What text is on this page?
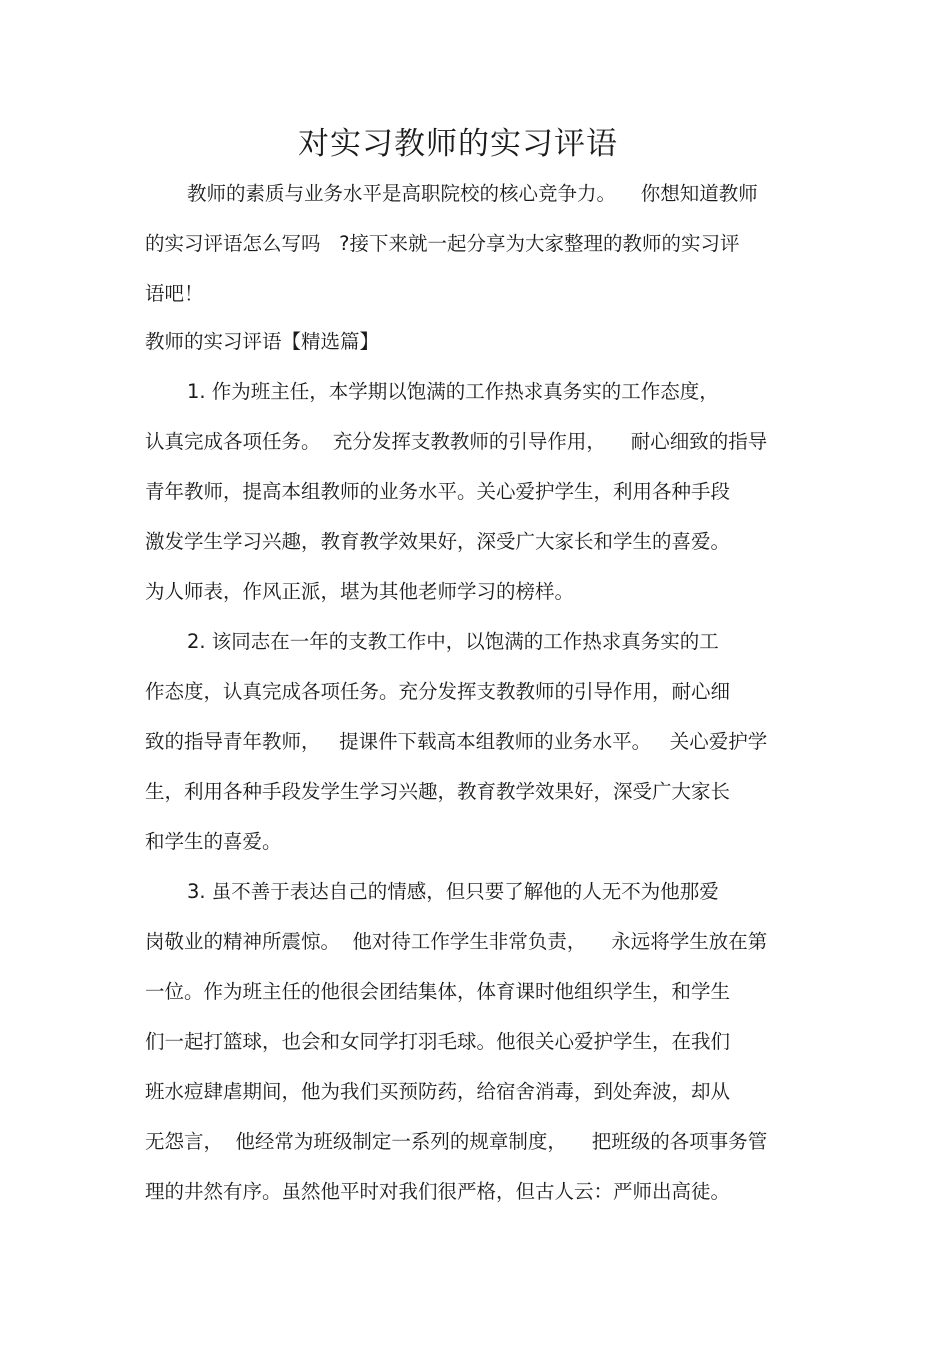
对实习教师的实习评语
教师的素质与业务水平是高职院校的核心竞争力。    你想知道教师
的实习评语怎么写吗   ?接下来就一起分享为大家整理的教师的实习评
语吧！
教师的实习评语【精选篇】
1. 作为班主任，本学期以饱满的工作热求真务实的工作态度，
认真完成各项任务。  充分发挥支教教师的引导作用，    耐心细致的指导
青年教师，提高本组教师的业务水平。关心爱护学生，利用各种手段
激发学生学习兴趣，教育教学效果好，深受广大家长和学生的喜爱。
为人师表，作风正派，堪为其他老师学习的榜样。
2. 该同志在一年的支教工作中，以饱满的工作热求真务实的工
作态度，认真完成各项任务。充分发挥支教教师的引导作用，耐心细
致的指导青年教师，   提课件下载高本组教师的业务水平。   关心爱护学
生，利用各种手段发学生学习兴趣，教育教学效果好，深受广大家长
和学生的喜爱。
3. 虽不善于表达自己的情感，但只要了解他的人无不为他那爱
岗敬业的精神所震惊。  他对待工作学生非常负责，    永远将学生放在第
一位。作为班主任的他很会团结集体，体育课时他组织学生，和学生
们一起打篮球，也会和女同学打羽毛球。他很关心爱护学生，在我们
班水痘肆虐期间，他为我们买预防药，给宿舍消毒，到处奔波，却从
无怨言，  他经常为班级制定一系列的规章制度，    把班级的各项事务管
理的井然有序。虽然他平时对我们很严格，但古人云：严师出高徒。
